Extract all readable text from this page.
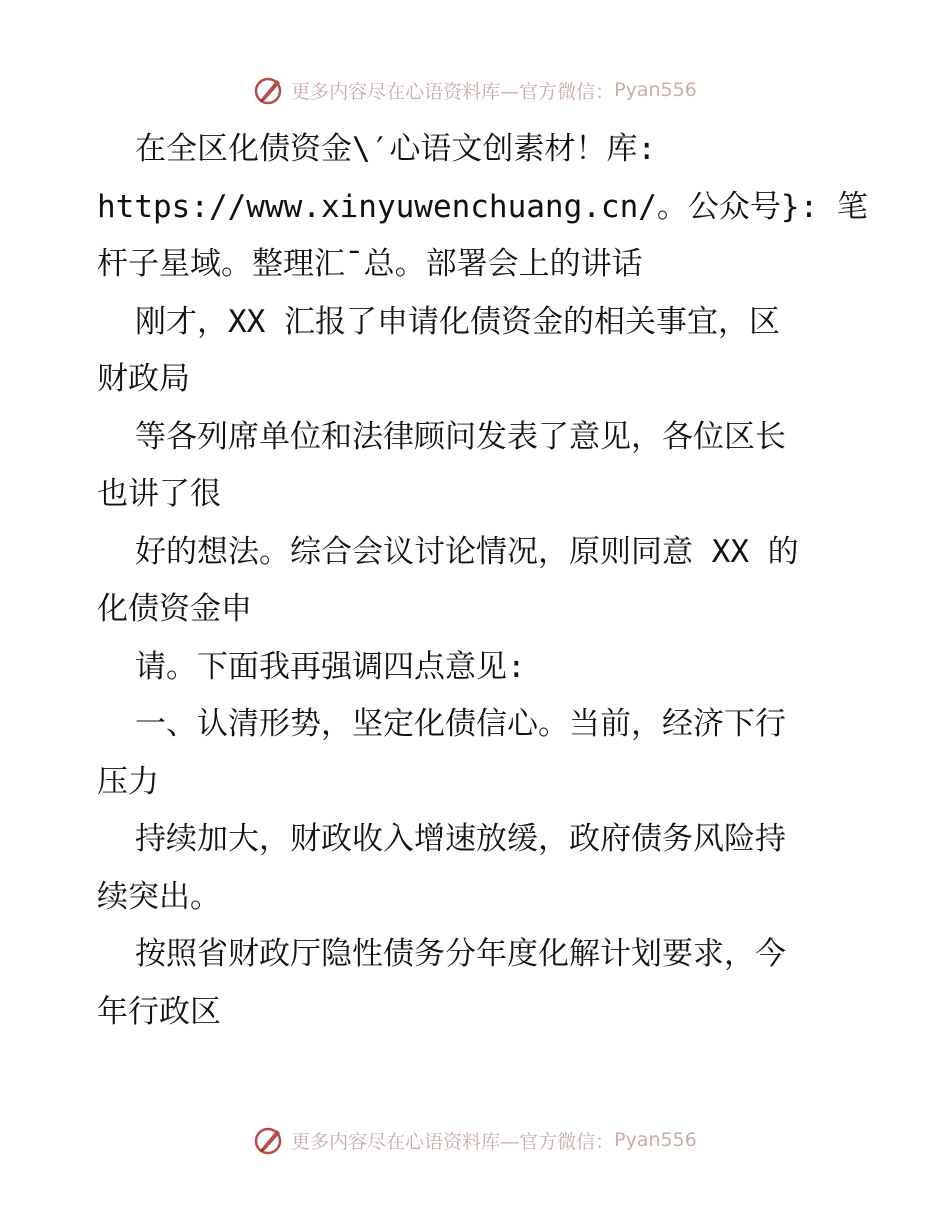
更多内容尽在心语资料库—官方微信： Pyan556
在全区化债资金\′心语文创素材！库:
https://www.xinyuwenchuang.cn/。公众号}: 笔
杆子星域。整理汇¯总。部署会上的讲话
刚才，XX 汇报了申请化债资金的相关事宜，区
财政局
等各列席单位和法律顾问发表了意见，各位区长
也讲了很
好的想法。综合会议讨论情况，原则同意 XX 的
化债资金申
请。下面我再强调四点意见:
一、认清形势，坚定化债信心。当前，经济下行
压力
持续加大，财政收入增速放缓，政府债务风险持
续突出。
按照省财政厅隐性债务分年度化解计划要求，今
年行政区
更多内容尽在心语资料库—官方微信： Pyan556
